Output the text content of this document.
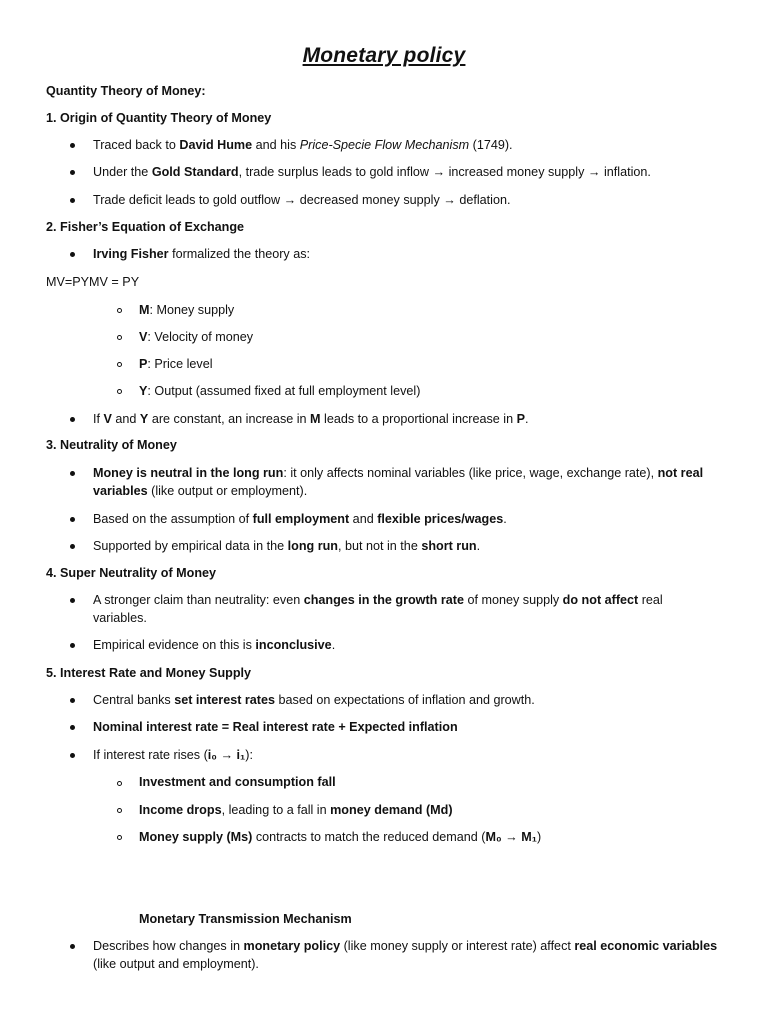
Monetary policy
Quantity Theory of Money:
1. Origin of Quantity Theory of Money
Traced back to David Hume and his Price-Specie Flow Mechanism (1749).
Under the Gold Standard, trade surplus leads to gold inflow → increased money supply → inflation.
Trade deficit leads to gold outflow → decreased money supply → deflation.
2. Fisher’s Equation of Exchange
Irving Fisher formalized the theory as:
MV=PYMV = PY
M: Money supply
V: Velocity of money
P: Price level
Y: Output (assumed fixed at full employment level)
If V and Y are constant, an increase in M leads to a proportional increase in P.
3. Neutrality of Money
Money is neutral in the long run: it only affects nominal variables (like price, wage, exchange rate), not real
variables (like output or employment).
Based on the assumption of full employment and flexible prices/wages.
Supported by empirical data in the long run, but not in the short run.
4. Super Neutrality of Money
A stronger claim than neutrality: even changes in the growth rate of money supply do not affect real
variables.
Empirical evidence on this is inconclusive.
5. Interest Rate and Money Supply
Central banks set interest rates based on expectations of inflation and growth.
Nominal interest rate = Real interest rate + Expected inflation
If interest rate rises (i₀ → i₁):
Investment and consumption fall
Income drops, leading to a fall in money demand (Md)
Money supply (Ms) contracts to match the reduced demand (M₀ → M₁)
Monetary Transmission Mechanism
Describes how changes in monetary policy (like money supply or interest rate) affect real economic variables
(like output and employment).
